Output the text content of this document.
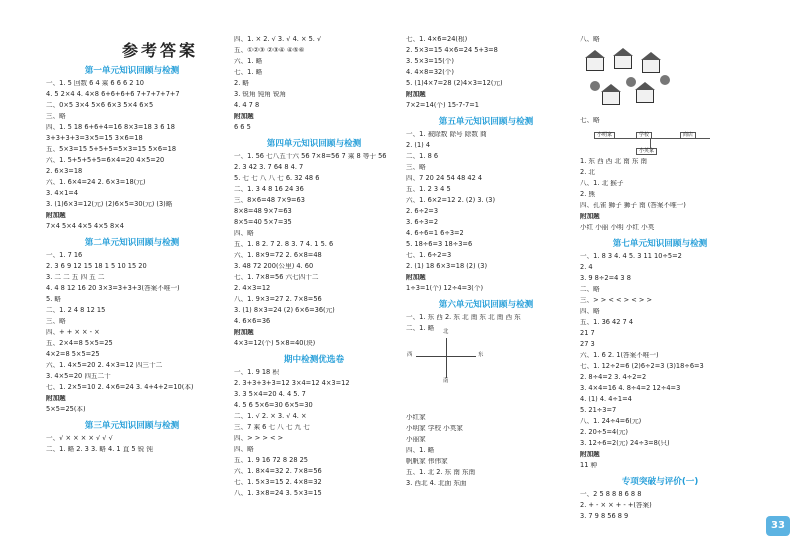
参考答案
第一单元知识回顾与检测
一、1. 5 回数 6 4 乘 6 6 6 2 10
4. 5 2×4 4. 4×8 6+6+6+6 7+7+7+7+7
二、0×5 3×4 5×6 6×3 5×4 6×5
三、略
四、1. 5 18 6+6+4=16 8×3=18 3 6 18
3+3+3+3=3×5=15 3×6=18
五、5×3=15 5+5+5=5×3=15 5×6=18
六、1. 5+5+5+5=6×4=20 4×5=20
2. 6×3=18
六、1. 6×4=24 2. 6×3=18(元)
3. 4×1=4
3. (1)6×3=12(元) (2)6×5=30(元) (3)略
附加题
7×4 5×4 4×5 4×5 8×4
第二单元知识回顾与检测
一、1. 7 16
2. 3 6 9 12 15 18 1 5 10 15 20
3. 二 二 五 四 五 二
4. 4 8 12 16 20 3×3=3+3+3(答案不唯一)
5. 略
二、1. 2 4 8 12 15
三、略
四、+ + × × - ×
五、2×4=8 5×5=25
4×2=8 5×5=25
六、1. 4×5=20 2. 4×3=12 四三十二
3. 4×5=20 四五二十
七、1. 2×5=10 2. 4×6=24 3. 4+4+2=10(本)
附加题
5×5=25(本)
第三单元知识回顾与检测
一、√ × × × × √ √ √
二、1. 略 2. 3 3. 略 4. 1 直 5 锐 钝
四、1. × 2. √ 3. √ 4. × 5. √
五、①②③ ②③④ ④⑤⑥
六、1. 略
七、1. 略
2. 略
3. 锐角 钝角 锐角
4. 4 7 8
附加题
6 6 5
第四单元知识回顾与检测
一、1. 56 七八五十六 56 7×8=56 7 乘 8 等于 56
2. 3 42 3. 7 64 8 4. 7
5. 七 七 八 八 七 6. 32 48 6
二、1. 3 4 8 16 24 36
三、8×6=48 7×9=63
8×8=48 9×7=63
8×5=40 5×7=35
四、略
五、1. 8 2. 7 2. 8 3. 7 4. 1 5. 6
六、1. 8×9=72 2. 6×8=48
3. 48 72 200(公里) 4. 60
七、1. 7×8=56 六七四十二
2. 4×3=12
八、1. 9×3=27 2. 7×8=56
3. (1) 8×3=24 (2) 6×6=36(元)
4. 6×6=36
附加题
4×3=12(个) 5×8=40(块)
期中检测优选卷
一、1. 9 18 积
2. 3+3+3+3=12 3×4=12 4×3=12
3. 3 5×4=20 4. 4 5. 7
4. 5 6 5×6=30 6×5=30
二、1. √ 2. × 3. √ 4. ×
三、7 乘 6 七 八 七 九 七
四、> > > < >
四、略
五、1. 9 16 72 8 28 25
六、1. 8×4=32 2. 7×8=56
七、1. 5×3=15 2. 4×8=32
八、1. 3×8=24 3. 5×3=15
七、1. 4×6=24(根)
2. 5×3=15 4×6=24 5+3=8
3. 5×3=15(个)
4. 4×8=32(个)
5. (1)4×7=28 (2)4×3=12(元)
附加题
7×2=14(个) 15-7-7=1
第五单元知识回顾与检测
一、1. 被除数 除号 除数 商
2. (1) 4
二、1. 8 6
三、略
四、7 20 24 54 48 42 4
五、1. 2 3 4 5
六、1. 6×2=12 2. (2) 3. (3)
2. 6÷2=3
3. 6÷3=2
4. 6÷6=1 6÷3=2
5. 18÷6=3 18÷3=6
七、1. 6÷2=3
2. (1) 18 6×3=18 (2) (3)
附加题
1÷3=1(个) 12÷4=3(个)
第六单元知识回顾与检测
一、1. 东 西 2. 东 北 南 东 北 南 西 东
二、1. 略	北
东
南
西
小红家
小明家 学校 小英家
小丽家
四、1. 略
帆帆家 伟伟家
五、1. 北 2. 东 南 东南
3. 西北 4. 北面 东面
八、略
七、略
小明家	学校	商店
小英家
1. 东 西 西 北 南 东 南
2. 北
八、1. 北 猴子
2. 熊
四、孔雀 狮子 狮子 南 (答案不唯一)
附加题
小红 小丽 小明 小红 小英
第七单元知识回顾与检测
一、1. 8 3 4. 4 5. 3 11 10÷5=2
2. 4
3. 9 8÷2=4 3 8
二、略
三、> > < < > < > >
四、略
五、1. 36 42 7 4
21 7
27 3
六、1. 6 2. 1(答案不唯一)
七、1. 12÷2=6 (2)6÷2=3 (3)18÷6=3
2. 8÷4=2 3. 4÷2=2
3. 4×4=16 4. 8÷4=2 12÷4=3
4. (1) 4. 4÷1=4
5. 21÷3=7
八、1. 24÷4=6(元)
2. 20÷5=4(元)
3. 12÷6=2(元) 24÷3=8(只)
附加题
11 种
专项突破与评价(一)
一、2 5 8 8 8 6 8 8
2. + - × × + - +(答案)
3. 7 9 8 56 8 9
33
